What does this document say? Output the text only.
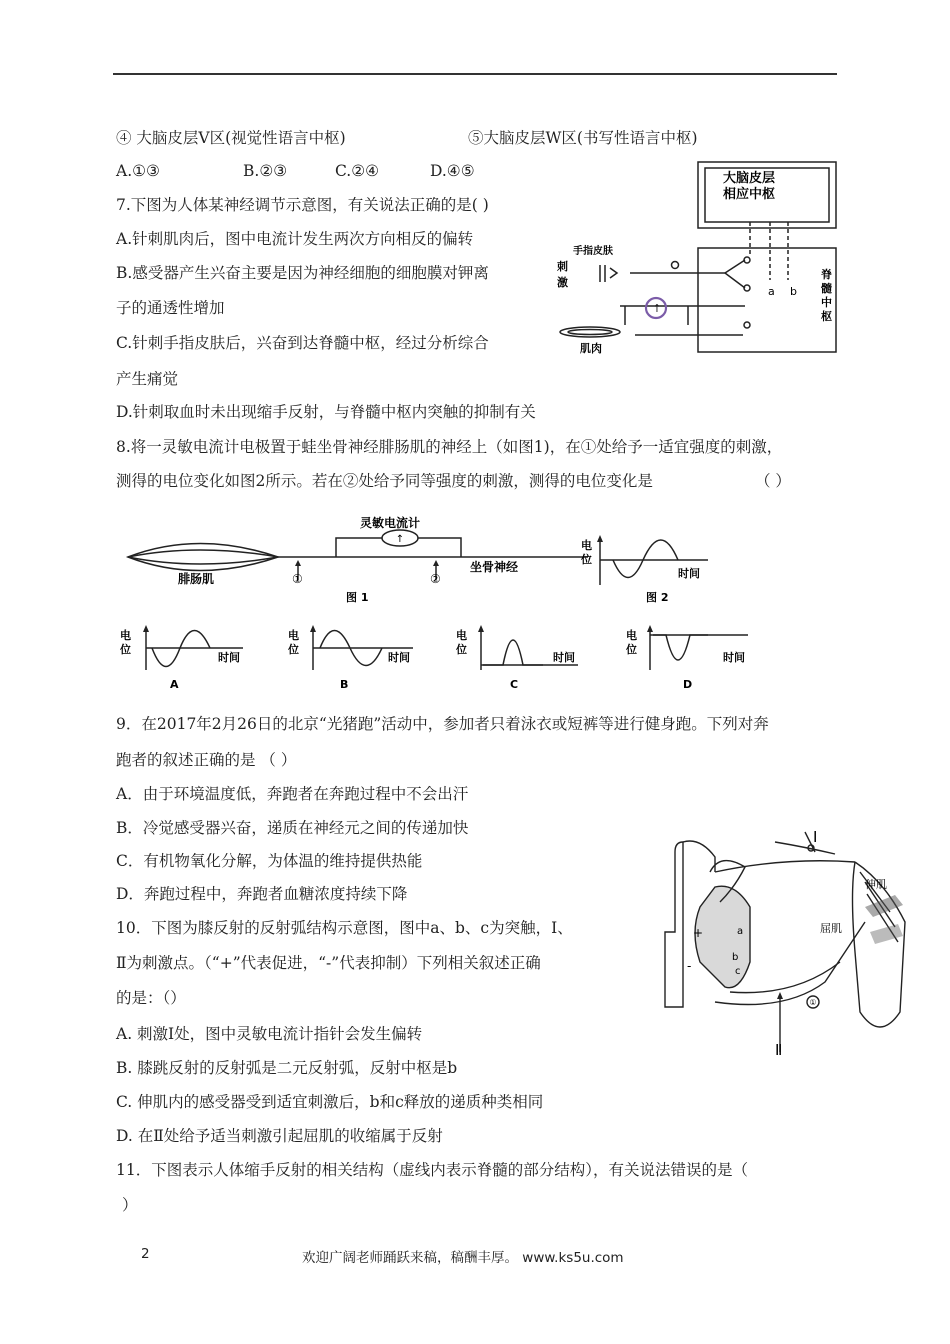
④ 大脑皮层V区(视觉性语言中枢)	⑤大脑皮层W区(书写性语言中枢)
A.①③	B.②③	C.②④	D.④⑤
7.下图为人体某神经调节示意图，有关说法正确的是( )
A.针刺肌肉后，图中电流计发生两次方向相反的偏转
B.感受器产生兴奋主要是因为神经细胞的细胞膜对钾离
子的通透性增加
C.针刺手指皮肤后，兴奋到达脊髓中枢，经过分析综合
产生痛觉
D.针刺取血时未出现缩手反射，与脊髓中枢内突触的抑制有关
↑
大脑皮层
相应中枢
手指皮肤
刺
激
肌肉
a b
脊
髓
中
枢
8.将一灵敏电流计电极置于蛙坐骨神经腓肠肌的神经上（如图1)，在①处给予一适宜强度的刺激，
测得的电位变化如图2所示。若在②处给予同等强度的刺激，测得的电位变化是	（ ）
↑
灵敏电流计
腓肠肌
坐骨神经
①	②
图 1	图 2
电
位
时间
电
位
时间
A
电
位
时间
B
电
位
时间
C
电
位
时间
D
9．在2017年2月26日的北京“光猪跑”活动中，参加者只着泳衣或短裤等进行健身跑。下列对奔
跑者的叙述正确的是 （ ）
A．由于环境温度低，奔跑者在奔跑过程中不会出汗
B．冷觉感受器兴奋，递质在神经元之间的传递加快
C．有机物氧化分解，为体温的维持提供热能
D．奔跑过程中，奔跑者血糖浓度持续下降
10．下图为膝反射的反射弧结构示意图，图中a、b、c为突触，Ⅰ、
Ⅱ为刺激点。（“+”代表促进，“-”代表抑制）下列相关叙述正确
的是：（）
A. 刺激Ⅰ处，图中灵敏电流计指针会发生偏转
B. 膝跳反射的反射弧是二元反射弧，反射中枢是b
C. 伸肌内的感受器受到适宜刺激后，b和c释放的递质种类相同
D. 在Ⅱ处给予适当刺激引起屈肌的收缩属于反射
①
I
Ⅱ
伸肌
屈肌
a
b
c
+
-
11．下图表示人体缩手反射的相关结构（虚线内表示脊髓的部分结构），有关说法错误的是（
）
2	欢迎广阔老师踊跃来稿，稿酬丰厚。 www.ks5u.com
